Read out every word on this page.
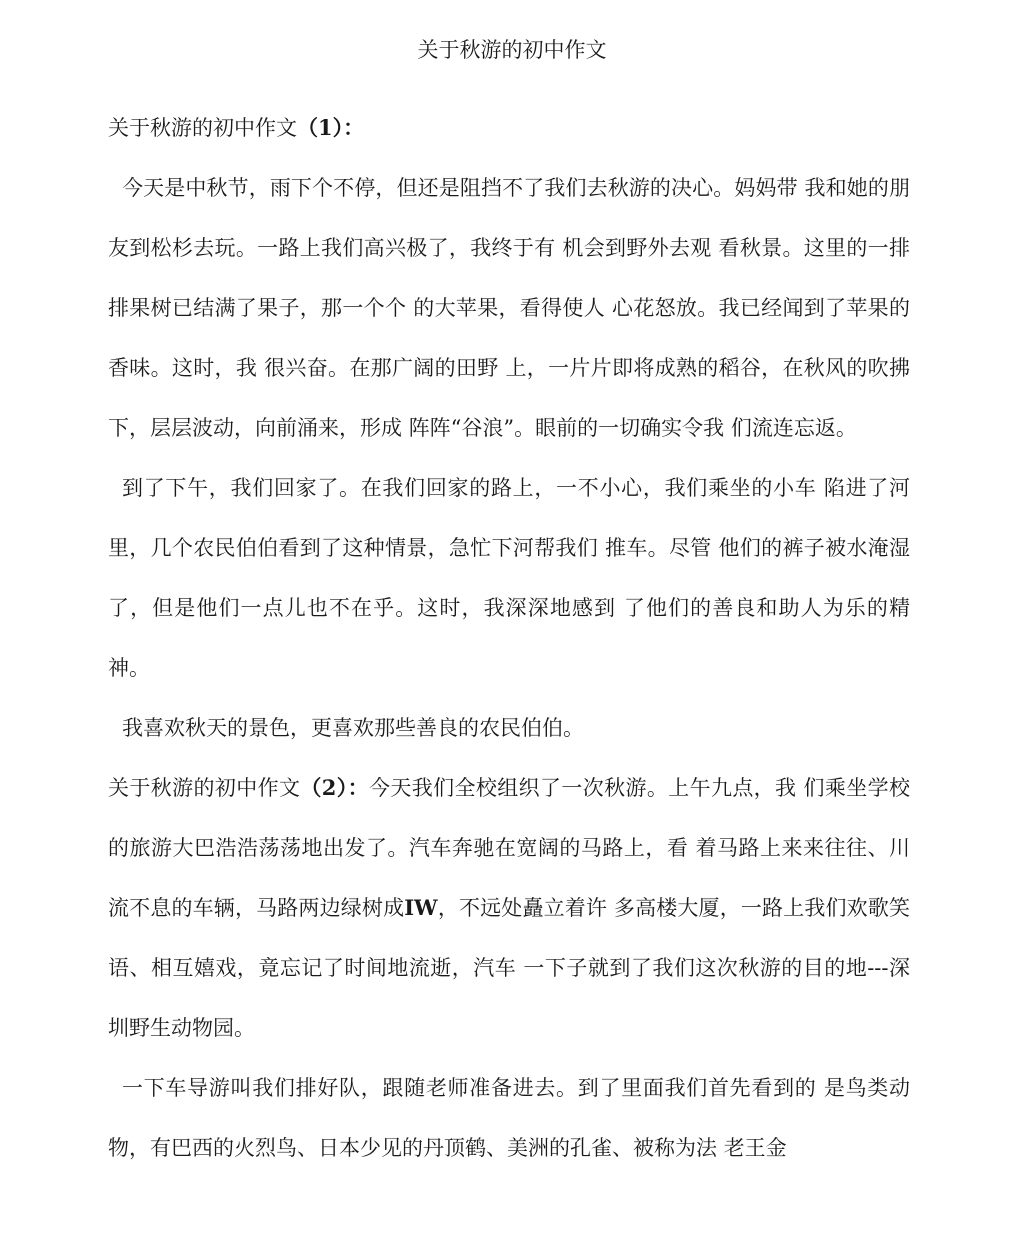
关于秋游的初中作文

关于秋游的初中作文（1）：

今天是中秋节，雨下个不停，但还是阻挡不了我们去秋游的决心。妈妈带 我和她的朋友到松杉去玩。一路上我们高兴极了，我终于有 机会到野外去观 看秋景。这里的一排排果树已结满了果子，那一个个 的大苹果，看得使人 心花怒放。我已经闻到了苹果的香味。这时，我 很兴奋。在那广阔的田野 上，一片片即将成熟的稻谷，在秋风的吹拂 下，层层波动，向前涌来，形成 阵阵“谷浪”。眼前的一切确实令我 们流连忘返。

到了下午，我们回家了。在我们回家的路上，一不小心，我们乘坐的小车 陷进了河里，几个农民伯伯看到了这种情景，急忙下河帮我们 推车。尽管 他们的裤子被水淹湿了，但是他们一点儿也不在乎。这时，我深深地感到 了他们的善良和助人为乐的精神。

我喜欢秋天的景色，更喜欢那些善良的农民伯伯。

关于秋游的初中作文（2）：今天我们全校组织了一次秋游。上午九点，我 们乘坐学校的旅游大巴浩浩荡荡地出发了。汽车奔驰在宽阔的马路上，看 着马路上来来往往、川流不息的车辆，马路两边绿树成IW，不远处矗立着许 多高楼大厦，一路上我们欢歌笑语、相互嬉戏，竟忘记了时间地流逝，汽车 一下子就到了我们这次秋游的目的地---深圳野生动物园。

一下车导游叫我们排好队，跟随老师准备进去。到了里面我们首先看到的 是鸟类动物，有巴西的火烈鸟、日本少见的丹顶鹤、美洲的孔雀、被称为法 老王金
